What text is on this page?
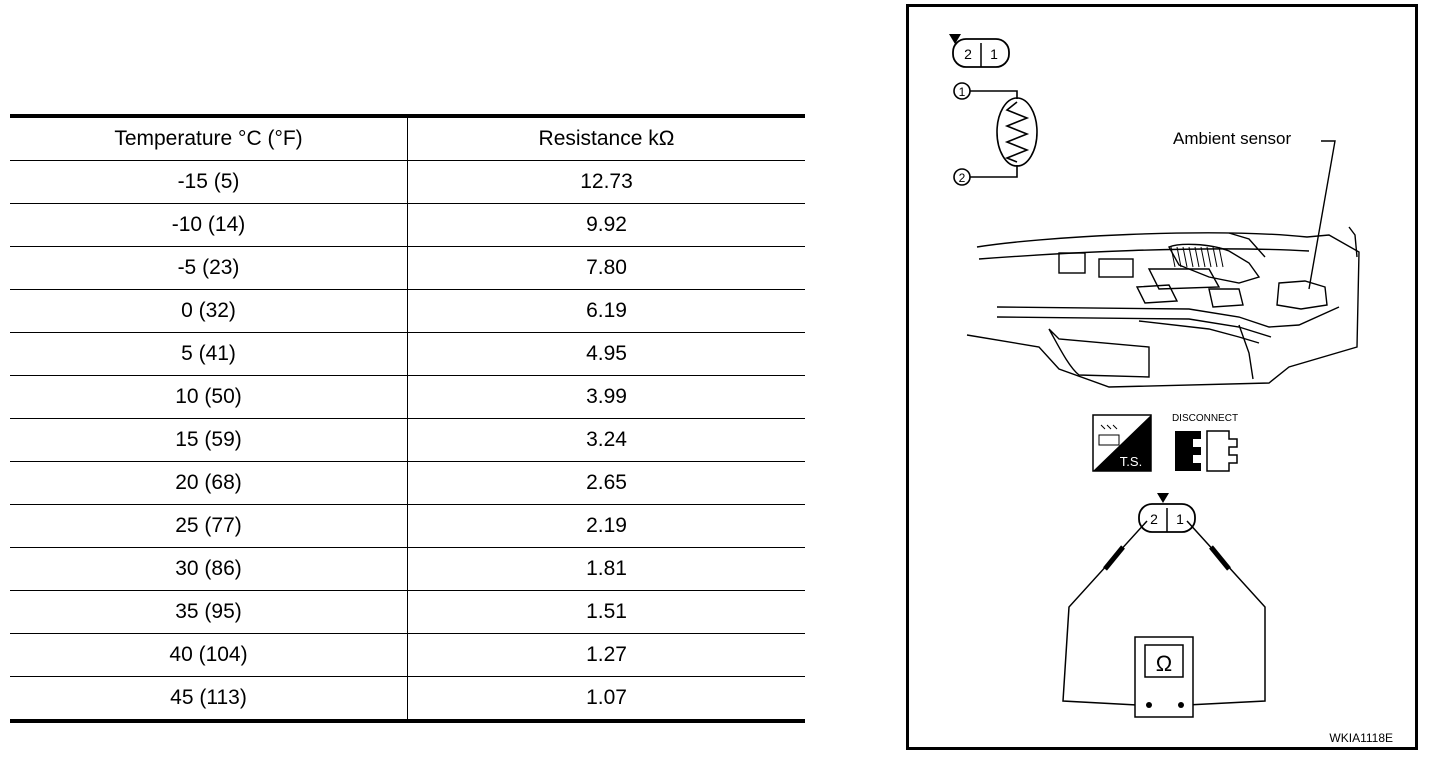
Temperature °C (°F)	Resistance kΩ
-15 (5)	12.73
-10 (14)	9.92
-5 (23)	7.80
0 (32)	6.19
5 (41)	4.95
10 (50)	3.99
15 (59)	3.24
20 (68)	2.65
25 (77)	2.19
30 (86)	1.81
35 (95)	1.51
40 (104)	1.27
45 (113)	1.07
2 1
1
2
T.S.
DISCONNECT
2 1
Ω
Ambient sensor
WKIA1118E
